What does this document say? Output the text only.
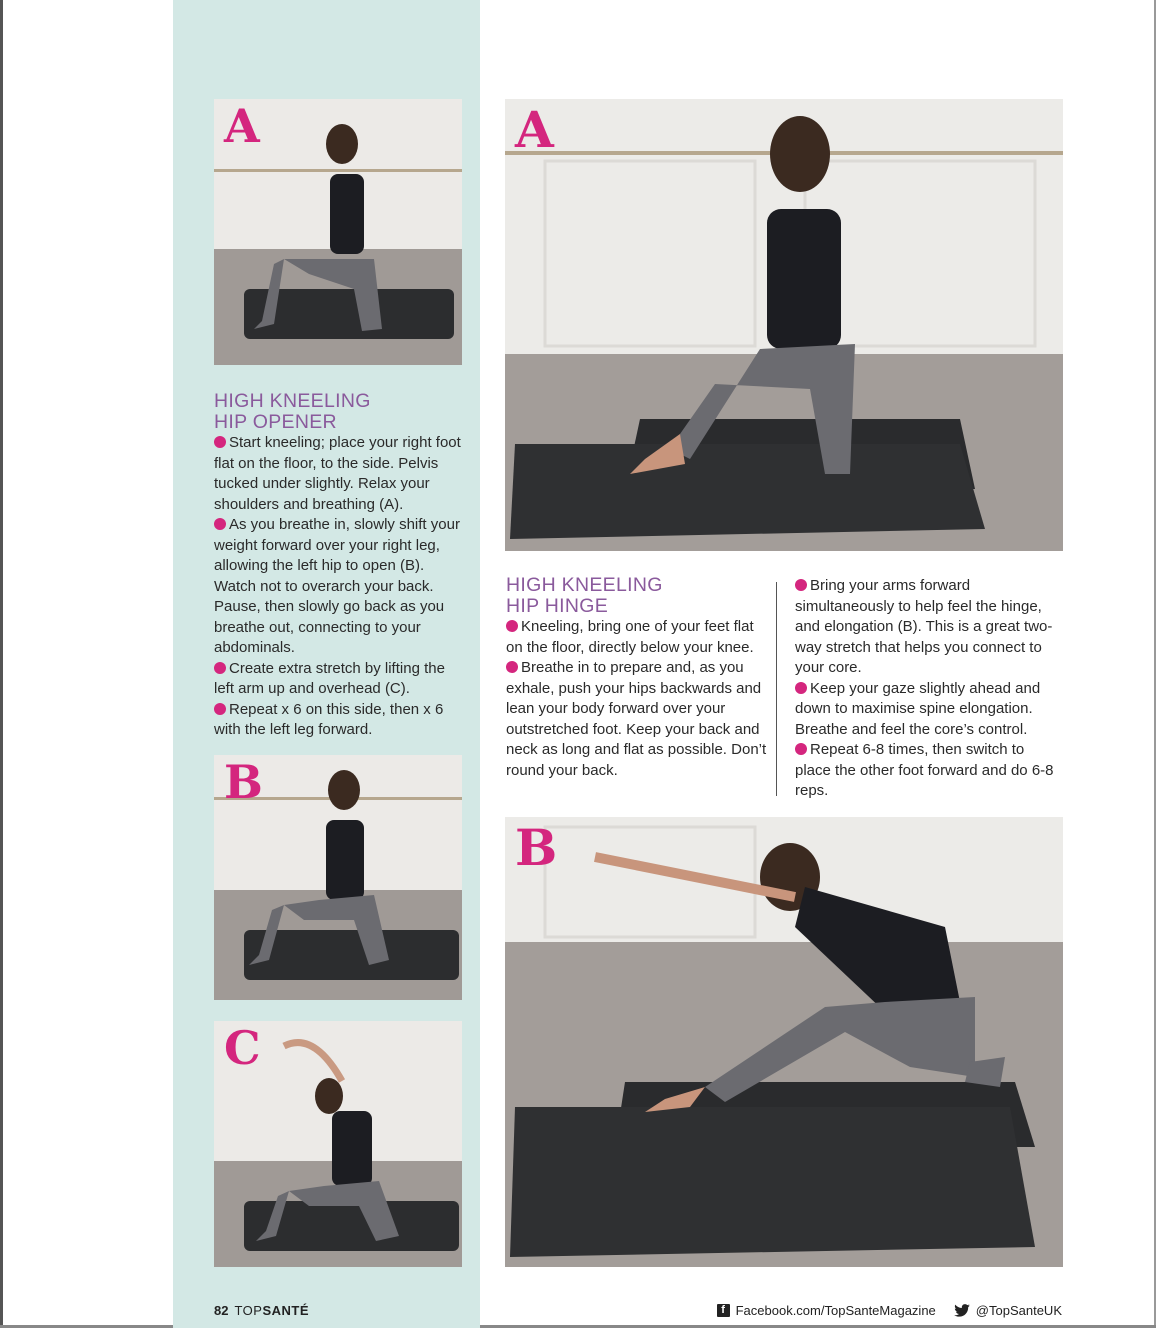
A
HIGH KNEELING
HIP OPENER

Start kneeling; place your right foot flat on the floor, to the side. Pelvis tucked under slightly. Relax your shoulders and breathing (A).

As you breathe in, slowly shift your weight forward over your right leg, allowing the left hip to open (B). Watch not to overarch your back. Pause, then slowly go back as you breathe out, connecting to your abdominals.

Create extra stretch by lifting the left arm up and overhead (C).

Repeat x 6 on this side, then x 6 with the left leg forward.

B
C
A
HIGH KNEELING
HIP HINGE

Kneeling, bring one of your feet flat on the floor, directly below your knee.

Breathe in to prepare and, as you exhale, push your hips backwards and lean your body forward over your outstretched foot. Keep your back and neck as long and flat as possible. Don’t round your back.

Bring your arms forward simultaneously to help feel the hinge, and elongation (B). This is a great two-way stretch that helps you connect to your core.

Keep your gaze slightly ahead and down to maximise spine elongation. Breathe and feel the core’s control.

Repeat 6-8 times, then switch to place the other foot forward and do 6-8 reps.

B
82 TOPSANTÉ	f Facebook.com/TopSanteMagazine	@TopSanteUK
